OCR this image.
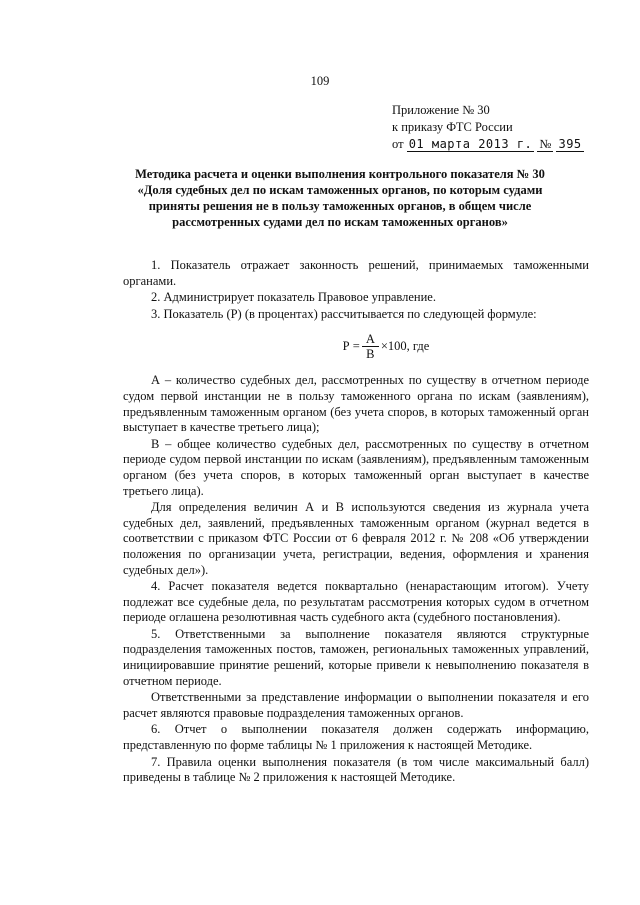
109
Приложение № 30
к приказу ФТС России
от 01 марта 2013 г. № 395
Методика расчета и оценки выполнения контрольного показателя № 30
«Доля судебных дел по искам таможенных органов, по которым судами
приняты решения не в пользу таможенных органов, в общем числе
рассмотренных судами дел по искам таможенных органов»

1. Показатель отражает законность решений, принимаемых таможенными органами.

2. Администрирует показатель Правовое управление.

3. Показатель (Р) (в процентах) рассчитывается по следующей формуле:

$Р = \frac{А}{В} \times 100$, где

А – количество судебных дел, рассмотренных по существу в отчетном периоде судом первой инстанции не в пользу таможенного органа по искам (заявлениям), предъявленным таможенным органом (без учета споров, в которых таможенный орган выступает в качестве третьего лица);

В – общее количество судебных дел, рассмотренных по существу в отчетном периоде судом первой инстанции по искам (заявлениям), предъявленным таможенным органом (без учета споров, в которых таможенный орган выступает в качестве третьего лица).

Для определения величин А и В используются сведения из журнала учета судебных дел, заявлений, предъявленных таможенным органом (журнал ведется в соответствии с приказом ФТС России от 6 февраля 2012 г. № 208 «Об утверждении положения по организации учета, регистрации, ведения, оформления и хранения судебных дел»).

4. Расчет показателя ведется поквартально (ненарастающим итогом). Учету подлежат все судебные дела, по результатам рассмотрения которых судом в отчетном периоде оглашена резолютивная часть судебного акта (судебного постановления).

5. Ответственными за выполнение показателя являются структурные подразделения таможенных постов, таможен, региональных таможенных управлений, инициировавшие принятие решений, которые привели к невыполнению показателя в отчетном периоде.

Ответственными за представление информации о выполнении показателя и его расчет являются правовые подразделения таможенных органов.

6. Отчет о выполнении показателя должен содержать информацию, представленную по форме таблицы № 1 приложения к настоящей Методике.

7. Правила оценки выполнения показателя (в том числе максимальный балл) приведены в таблице № 2 приложения к настоящей Методике.
